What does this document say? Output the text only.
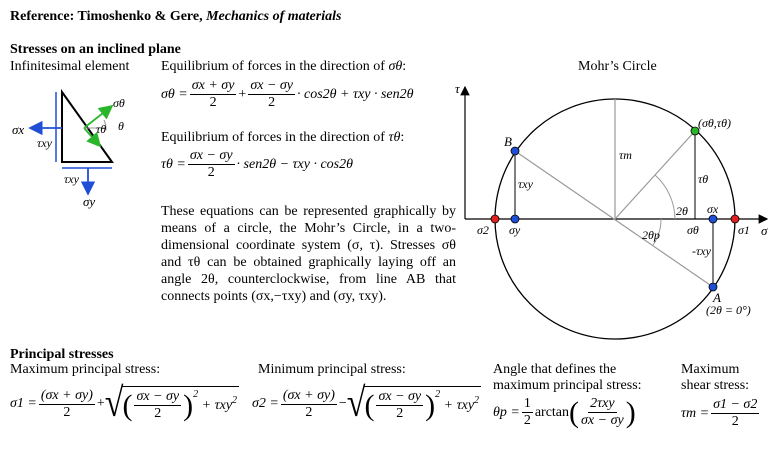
Reference: Timoshenko & Gere, Mechanics of materials
Stresses on an inclined plane
Infinitesimal element Equilibrium of forces in the direction of σθ:
$\sigma\theta = \frac{\sigma x + \sigma y}{2} + \frac{\sigma x - \sigma y}{2} \cdot \cos 2\theta + \tau xy \cdot sen2\theta$
Equilibrium of forces in the direction of τθ:
$\tau\theta = \frac{\sigma x - \sigma y}{2} \cdot sen2\theta - \tau xy \cdot \cos 2\theta$
These equations can be represented graphically by means of a circle, the Mohr’s Circle, in a two-dimensional coordinate system (σ, τ). Stresses σθ and τθ can be obtained graphically laying off an angle 2θ, counterclockwise, from line AB that connects points (σx,−τxy) and (σy, τxy).
σx
τxy
τxy
σy
σθ
τθ θ
Mohr’s Circle
τ
σ
B
A
(2θ = 0°)
(σθ,τθ)
τm
τxy	τθ
2θ
2θp
σ2 σy	σθ
σx
σ1
-τxy
Principal stresses
Maximum principal stress:	Minimum principal stress:	Angle that defines the
maximum principal stress:
Maximum
shear stress:
$\sigma 1 = \frac{(\sigma x + \sigma y)}{2}$ + √ ( $\frac{\sigma x - \sigma y}{2} )^2$

+ τxy$^2$ $\sigma 2 = \frac{(\sigma x + \sigma y)}{2}$ − √ ( $\frac{\sigma x - \sigma y}{2} )^2$

+ τxy$^2$
$\theta p = \frac{1}{2}$ arctan ( $\frac{\text{2τxy}}{\sigma x - \sigma y}$ )	$\tau m = \frac{\sigma 1 - \sigma 2}{2}$
